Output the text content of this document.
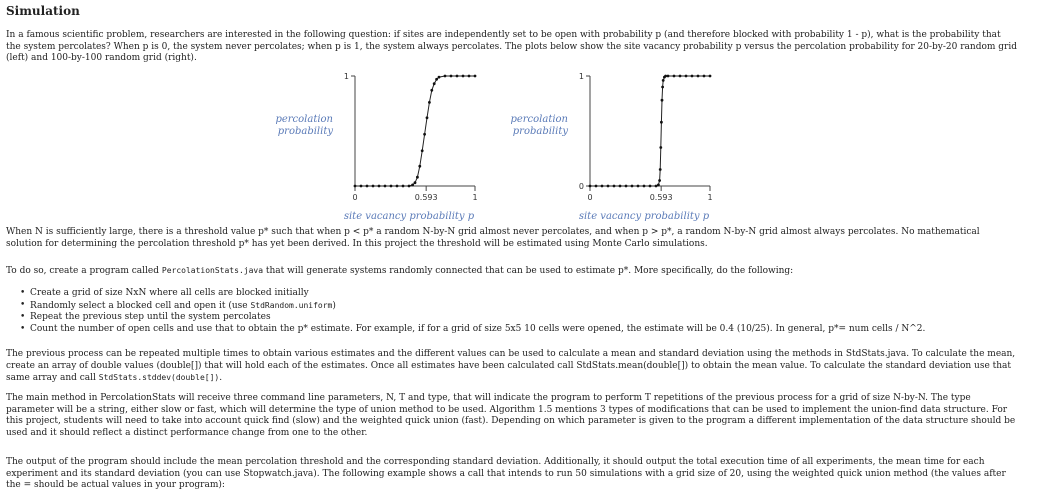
Simulation

In a famous scientific problem, researchers are interested in the following question: if sites are independently set to be open with probability p (and therefore blocked with probability 1 - p), what is the probability that the system percolates? When p is 0, the system never percolates; when p is 1, the system always percolates. The plots below show the site vacancy probability p versus the percolation probability for 20-by-20 random grid (left) and 100-by-100 random grid (right).

1
0	0.593	1
percolation
probability
site vacancy probability p
0
1
0	0.593	1
percolation
probability
site vacancy probability p

When N is sufficiently large, there is a threshold value p* such that when p < p* a random N-by-N grid almost never percolates, and when p > p*, a random N-by-N grid almost always percolates. No mathematical solution for determining the percolation threshold p* has yet been derived. In this project the threshold will be estimated using Monte Carlo simulations.

To do so, create a program called PercolationStats.java that will generate systems randomly connected that can be used to estimate p*. More specifically, do the following:

• Create a grid of size NxN where all cells are blocked initially
• Randomly select a blocked cell and open it (use StdRandom.uniform)
• Repeat the previous step until the system percolates
• Count the number of open cells and use that to obtain the p* estimate. For example, if for a grid of size 5x5 10 cells were opened, the estimate will be 0.4 (10/25). In general, p*= num cells / N^2.

The previous process can be repeated multiple times to obtain various estimates and the different values can be used to calculate a mean and standard deviation using the methods in StdStats.java. To calculate the mean, create an array of double values (double[]) that will hold each of the estimates. Once all estimates have been calculated call StdStats.mean(double[]) to obtain the mean value. To calculate the standard deviation use that same array and call StdStats.stddev(double[]).

The main method in PercolationStats will receive three command line parameters, N, T and type, that will indicate the program to perform T repetitions of the previous process for a grid of size N-by-N. The type parameter will be a string, either slow or fast, which will determine the type of union method to be used. Algorithm 1.5 mentions 3 types of modifications that can be used to implement the union-find data structure. For this project, students will need to take into account quick find (slow) and the weighted quick union (fast). Depending on which parameter is given to the program a different implementation of the data structure should be used and it should reflect a distinct performance change from one to the other.

The output of the program should include the mean percolation threshold and the corresponding standard deviation. Additionally, it should output the total execution time of all experiments, the mean time for each experiment and its standard deviation (you can use Stopwatch.java). The following example shows a call that intends to run 50 simulations with a grid size of 20, using the weighted quick union method (the values after the = should be actual values in your program):
